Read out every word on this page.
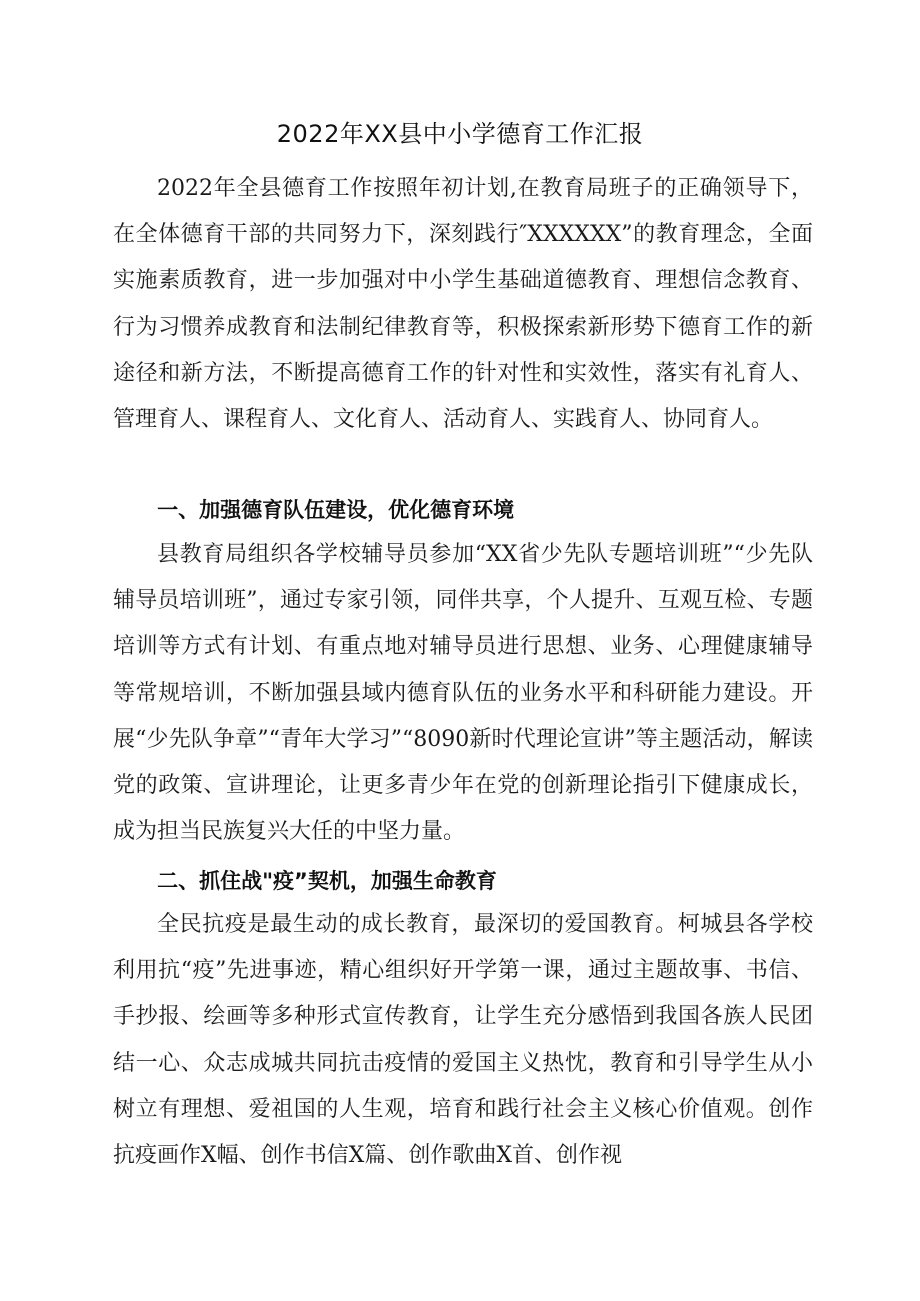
2022年XX县中小学德育工作汇报
2022年全县德育工作按照年初计划,在教育局班子的正确领导下，在全体德育干部的共同努力下，深刻践行″XXXXXX”的教育理念，全面实施素质教育，进一步加强对中小学生基础道德教育、理想信念教育、行为习惯养成教育和法制纪律教育等，积极探索新形势下德育工作的新途径和新方法，不断提高德育工作的针对性和实效性，落实有礼育人、管理育人、课程育人、文化育人、活动育人、实践育人、协同育人。
一、加强德育队伍建设，优化德育环境
县教育局组织各学校辅导员参加“XX省少先队专题培训班”“少先队辅导员培训班”，通过专家引领，同伴共享，个人提升、互观互检、专题培训等方式有计划、有重点地对辅导员进行思想、业务、心理健康辅导等常规培训，不断加强县域内德育队伍的业务水平和科研能力建设。开展“少先队争章”“青年大学习”“8090新时代理论宣讲”等主题活动，解读党的政策、宣讲理论，让更多青少年在党的创新理论指引下健康成长，成为担当民族复兴大任的中坚力量。
二、抓住战"疫”契机，加强生命教育
全民抗疫是最生动的成长教育，最深切的爱国教育。柯城县各学校利用抗“疫”先进事迹，精心组织好开学第一课，通过主题故事、书信、手抄报、绘画等多种形式宣传教育，让学生充分感悟到我国各族人民团结一心、众志成城共同抗击疫情的爱国主义热忱，教育和引导学生从小树立有理想、爱祖国的人生观，培育和践行社会主义核心价值观。创作抗疫画作X幅、创作书信X篇、创作歌曲X首、创作视
